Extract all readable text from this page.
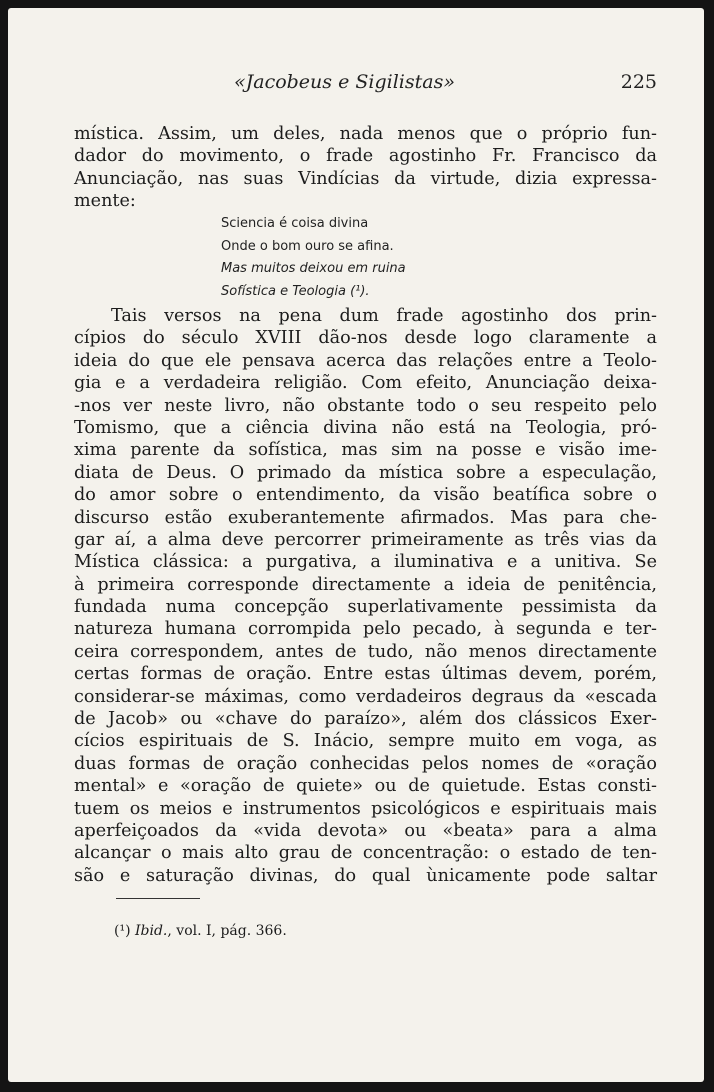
«Jacobeus e Sigilistas»	225
mística. Assim, um deles, nada menos que o próprio fun-
dador do movimento, o frade agostinho Fr. Francisco da
Anunciação, nas suas Vindícias da virtude, dizia expressa-
mente:
Sciencia é coisa divina
Onde o bom ouro se afina.
Mas muitos deixou em ruina
Sofística e Teologia (¹).
Tais versos na pena dum frade agostinho dos prin-
cípios do século XVIII dão-nos desde logo claramente a
ideia do que ele pensava acerca das relações entre a Teolo-
gia e a verdadeira religião. Com efeito, Anunciação deixa-
-nos ver neste livro, não obstante todo o seu respeito pelo
Tomismo, que a ciência divina não está na Teologia, pró-
xima parente da sofística, mas sim na posse e visão ime-
diata de Deus. O primado da mística sobre a especulação,
do amor sobre o entendimento, da visão beatífica sobre o
discurso estão exuberantemente afirmados. Mas para che-
gar aí, a alma deve percorrer primeiramente as três vias da
Mística clássica: a purgativa, a iluminativa e a unitiva. Se
à primeira corresponde directamente a ideia de penitência,
fundada numa concepção superlativamente pessimista da
natureza humana corrompida pelo pecado, à segunda e ter-
ceira correspondem, antes de tudo, não menos directamente
certas formas de oração. Entre estas últimas devem, porém,
considerar-se máximas, como verdadeiros degraus da «escada
de Jacob» ou «chave do paraízo», além dos clássicos Exer-
cícios espirituais de S. Inácio, sempre muito em voga, as
duas formas de oração conhecidas pelos nomes de «oração
mental» e «oração de quiete» ou de quietude. Estas consti-
tuem os meios e instrumentos psicológicos e espirituais mais
aperfeiçoados da «vida devota» ou «beata» para a alma
alcançar o mais alto grau de concentração: o estado de ten-
são e saturação divinas, do qual ùnicamente pode saltar
(¹) Ibid., vol. I, pág. 366.
